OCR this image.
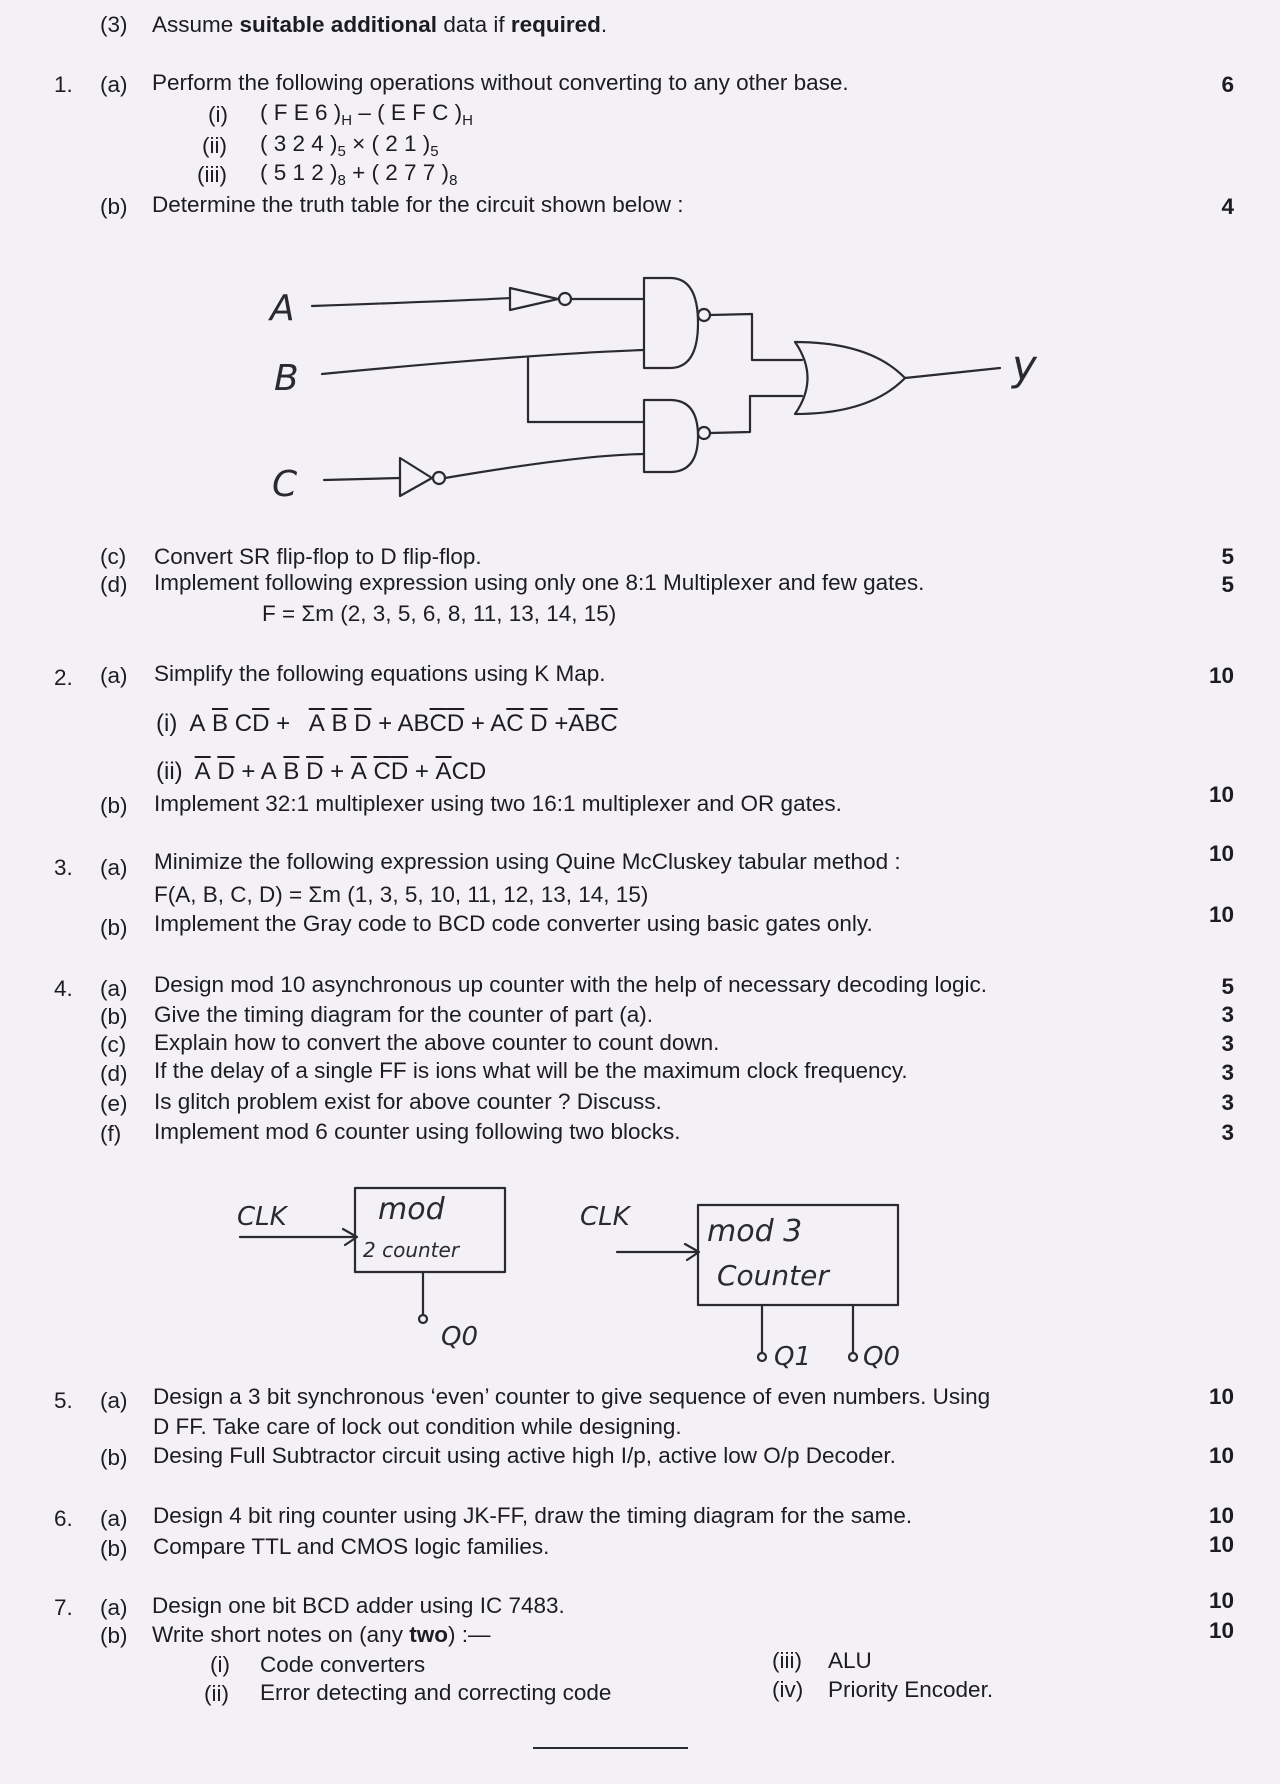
(3) Assume suitable additional data if required.
1. (a) Perform the following operations without converting to any other base.	6
(i) ( F E 6 )$_H$ – ( E F C )$_H$
(ii) ( 3 2 4 )$_5$ × ( 2 1 )$_5$
(iii) ( 5 1 2 )$_8$ + ( 2 7 7 )$_8$
(b) Determine the truth table for the circuit shown below :	4
A
B
C
y
(c) Convert SR flip-flop to D flip-flop.	5
(d) Implement following expression using only one 8:1 Multiplexer and few gates.	5
F = Σm (2, 3, 5, 6, 8, 11, 13, 14, 15)
2. (a) Simplify the following equations using K Map.	10
(i) A $\overline{B}$ $C\overline{D} + \overline{A}$ $\overline{B}$ $\overline{D} + AB\overline{C}\overline{D} + A\overline{C}$ $\overline{D} +\overline{A}B\overline{C}$
(ii) $\overline{A}$ $\overline{D} + A$ $\overline{B}$ $\overline{D} + \overline{A}$ $\overline{C}\overline{D} + \overline{A}CD$
(b) Implement 32:1 multiplexer using two 16:1 multiplexer and OR gates.	10
3. (a) Minimize the following expression using Quine McCluskey tabular method :	10
F(A, B, C, D) = Σm (1, 3, 5, 10, 11, 12, 13, 14, 15)
(b) Implement the Gray code to BCD code converter using basic gates only.	10
4. (a) Design mod 10 asynchronous up counter with the help of necessary decoding logic.	5
(b) Give the timing diagram for the counter of part (a).	3
(c) Explain how to convert the above counter to count down.	3
(d) If the delay of a single FF is ions what will be the maximum clock frequency.	3
(e) Is glitch problem exist for above counter ? Discuss.	3
(f) Implement mod 6 counter using following two blocks.	3
CLK	mod
2 counter
Q0
CLK	mod 3
Counter
Q1 Q0
5. (a) Design a 3 bit synchronous ‘even’ counter to give sequence of even numbers. Using	10
D FF. Take care of lock out condition while designing.
(b) Desing Full Subtractor circuit using active high I/p, active low O/p Decoder.	10
6. (a) Design 4 bit ring counter using JK-FF, draw the timing diagram for the same.	10
(b) Compare TTL and CMOS logic families.	10
7. (a) Design one bit BCD adder using IC 7483.	10
(b) Write short notes on (any two) :—	10
(i) Code converters
(ii) Error detecting and correcting code
(iii) ALU
(iv) Priority Encoder.
